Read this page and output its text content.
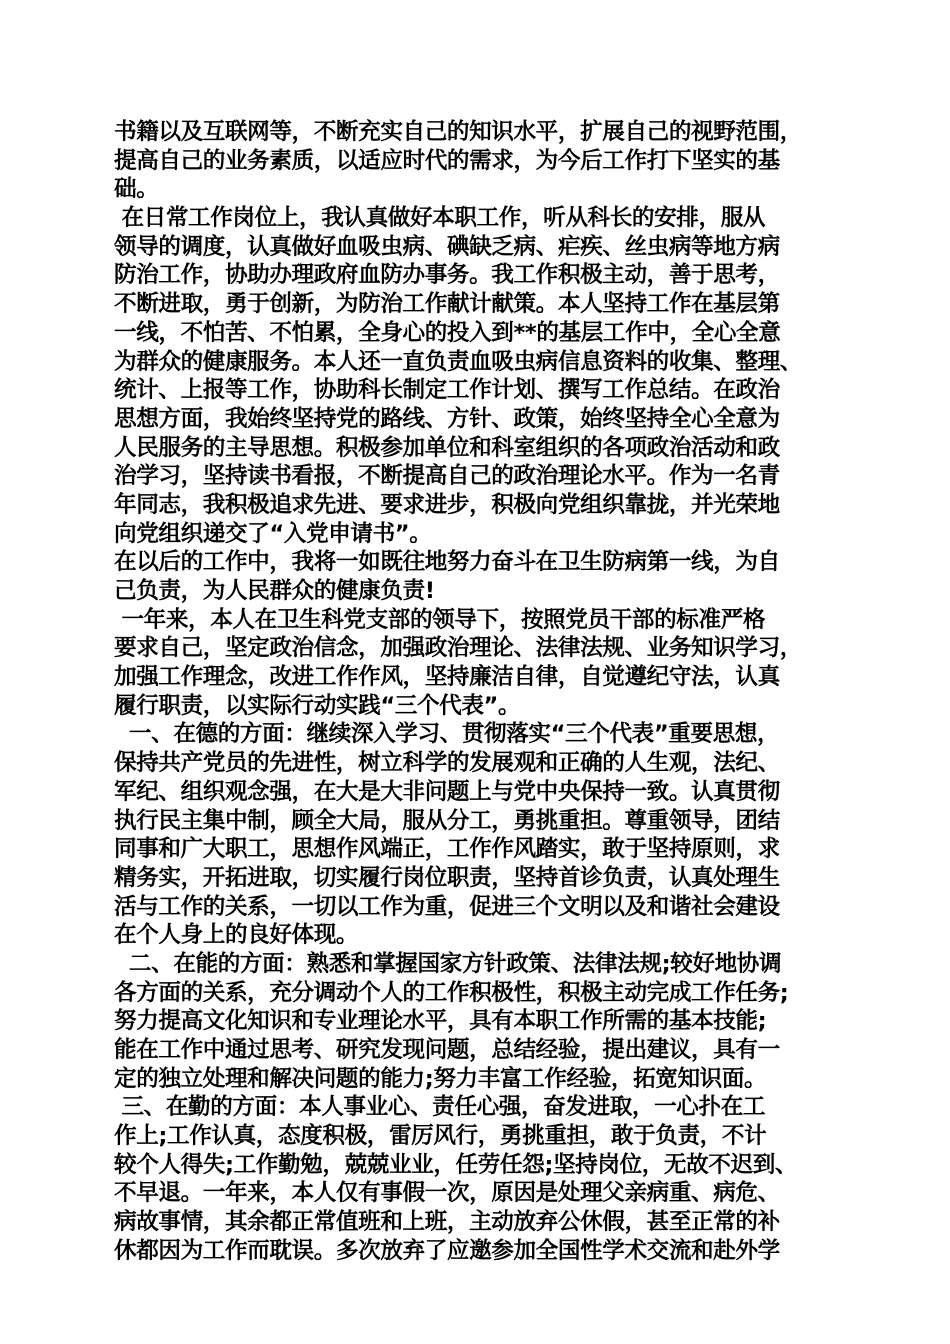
书籍以及互联网等，不断充实自己的知识水平，扩展自己的视野范围，
提高自己的业务素质，以适应时代的需求，为今后工作打下坚实的基
础。
在日常工作岗位上，我认真做好本职工作，听从科长的安排，服从
领导的调度，认真做好血吸虫病、碘缺乏病、疟疾、丝虫病等地方病
防治工作，协助办理政府血防办事务。我工作积极主动，善于思考，
不断进取，勇于创新，为防治工作献计献策。本人坚持工作在基层第
一线，不怕苦、不怕累，全身心的投入到**的基层工作中，全心全意
为群众的健康服务。本人还一直负责血吸虫病信息资料的收集、整理、
统计、上报等工作，协助科长制定工作计划、撰写工作总结。在政治
思想方面，我始终坚持党的路线、方针、政策，始终坚持全心全意为
人民服务的主导思想。积极参加单位和科室组织的各项政治活动和政
治学习，坚持读书看报，不断提高自己的政治理论水平。作为一名青
年同志，我积极追求先进、要求进步，积极向党组织靠拢，并光荣地
向党组织递交了“入党申请书”。
在以后的工作中，我将一如既往地努力奋斗在卫生防病第一线，为自
己负责，为人民群众的健康负责!
一年来，本人在卫生科党支部的领导下，按照党员干部的标准严格
要求自己，坚定政治信念，加强政治理论、法律法规、业务知识学习，
加强工作理念，改进工作作风，坚持廉洁自律，自觉遵纪守法，认真
履行职责，以实际行动实践“三个代表”。
一、在德的方面：继续深入学习、贯彻落实“三个代表”重要思想，
保持共产党员的先进性，树立科学的发展观和正确的人生观，法纪、
军纪、组织观念强，在大是大非问题上与党中央保持一致。认真贯彻
执行民主集中制，顾全大局，服从分工，勇挑重担。尊重领导，团结
同事和广大职工，思想作风端正，工作作风踏实，敢于坚持原则，求
精务实，开拓进取，切实履行岗位职责，坚持首诊负责，认真处理生
活与工作的关系，一切以工作为重，促进三个文明以及和谐社会建设
在个人身上的良好体现。
二、在能的方面：熟悉和掌握国家方针政策、法律法规;较好地协调
各方面的关系，充分调动个人的工作积极性，积极主动完成工作任务;
努力提高文化知识和专业理论水平，具有本职工作所需的基本技能;
能在工作中通过思考、研究发现问题，总结经验，提出建议，具有一
定的独立处理和解决问题的能力;努力丰富工作经验，拓宽知识面。
三、在勤的方面：本人事业心、责任心强，奋发进取，一心扑在工
作上;工作认真，态度积极，雷厉风行，勇挑重担，敢于负责，不计
较个人得失;工作勤勉，兢兢业业，任劳任怨;坚持岗位，无故不迟到、
不早退。一年来，本人仅有事假一次，原因是处理父亲病重、病危、
病故事情，其余都正常值班和上班，主动放弃公休假，甚至正常的补
休都因为工作而耽误。多次放弃了应邀参加全国性学术交流和赴外学
